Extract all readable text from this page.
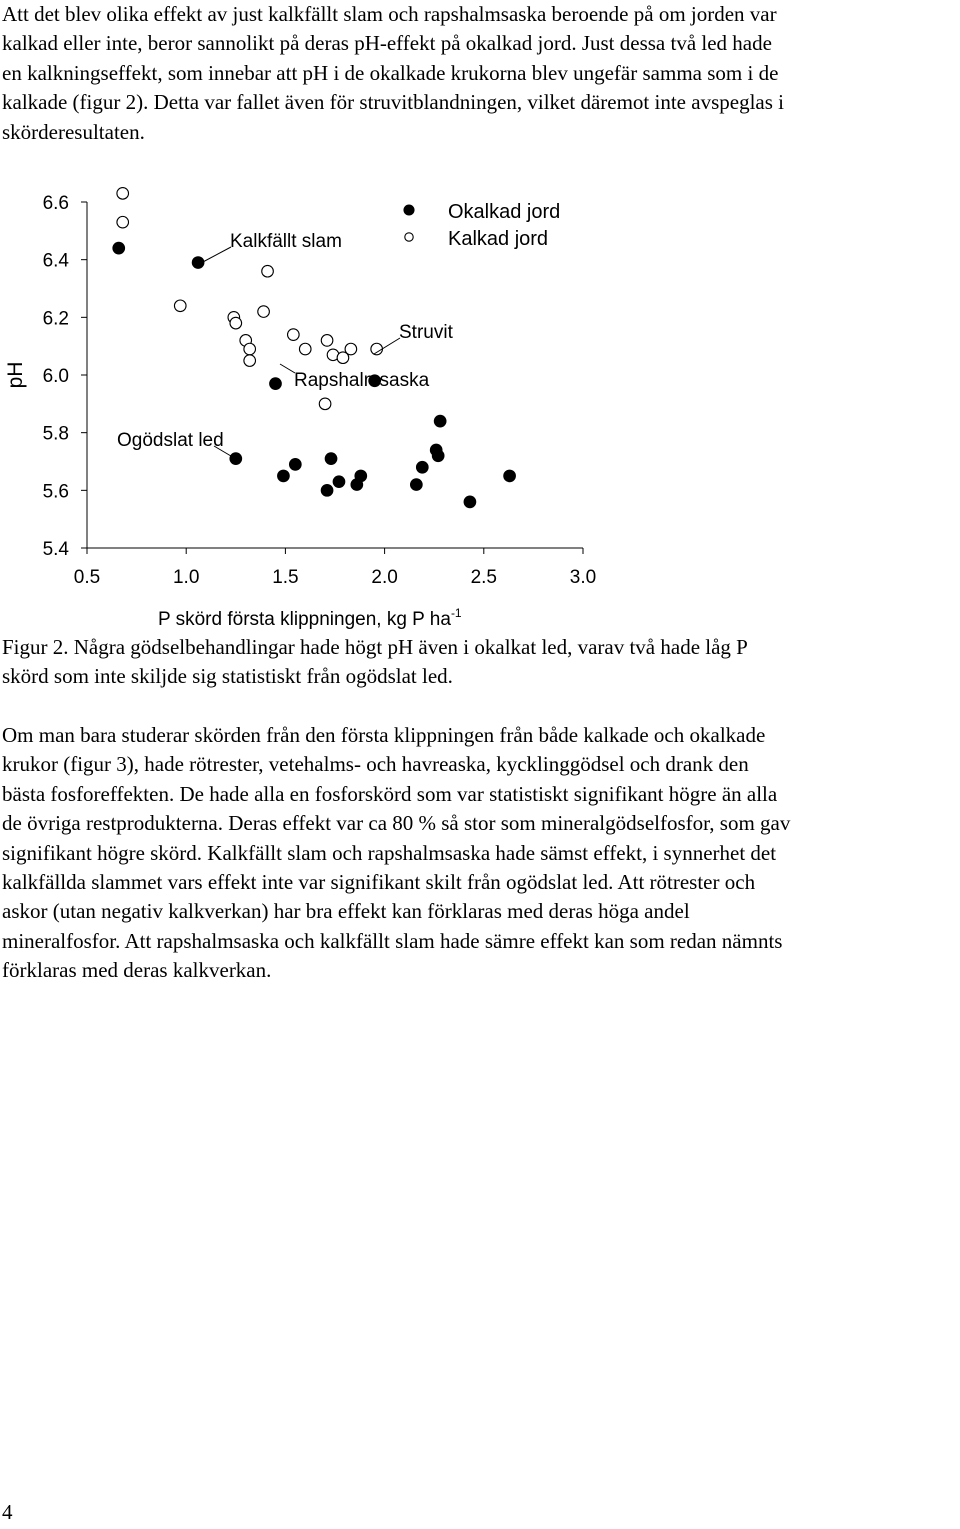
Att det blev olika effekt av just kalkfällt slam och rapshalmsaska beroende på om jorden var
kalkad eller inte, beror sannolikt på deras pH-effekt på okalkad jord. Just dessa två led hade
en kalkningseffekt, som innebar att pH i de okalkade krukorna blev ungefär samma som i de
kalkade (figur 2). Detta var fallet även för struvitblandningen, vilket däremot inte avspeglas i
skörderesultaten.

6.6
6.4
6.2
6.0
5.8
5.6
5.4
0.5	1.0	1.5	2.0	2.5	3.0
Okalkad jord
Kalkad jord
Kalkfällt slam
Struvit
Rapshalmsaska
Ogödslat led
pH
P skörd första klippningen, kg P $ha^{-1}$

Figur 2. Några gödselbehandlingar hade högt pH även i okalkat led, varav två hade låg P
skörd som inte skiljde sig statistiskt från ogödslat led.

Om man bara studerar skörden från den första klippningen från både kalkade och okalkade
krukor (figur 3), hade rötrester, vetehalms- och havreaska, kycklinggödsel och drank den
bästa fosforeffekten. De hade alla en fosforskörd som var statistiskt signifikant högre än alla
de övriga restprodukterna. Deras effekt var ca 80 % så stor som mineralgödselfosfor, som gav
signifikant högre skörd. Kalkfällt slam och rapshalmsaska hade sämst effekt, i synnerhet det
kalkfällda slammet vars effekt inte var signifikant skilt från ogödslat led. Att rötrester och
askor (utan negativ kalkverkan) har bra effekt kan förklaras med deras höga andel
mineralfosfor. Att rapshalmsaska och kalkfällt slam hade sämre effekt kan som redan nämnts
förklaras med deras kalkverkan.

4
